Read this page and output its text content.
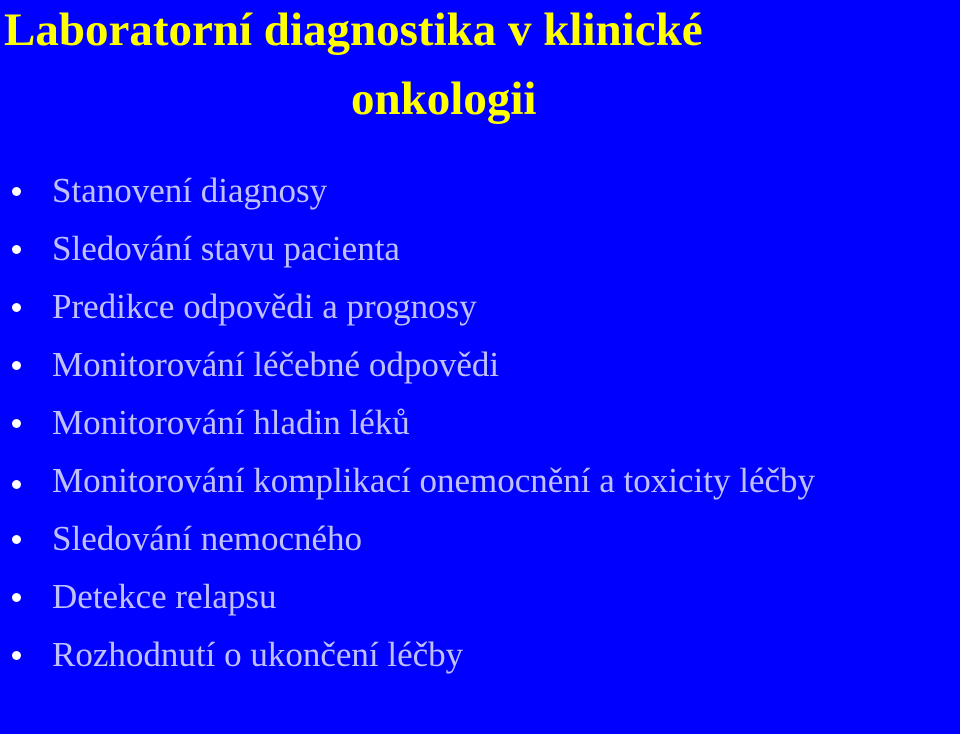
Laboratorní diagnostika v klinické
onkologii
Stanovení diagnosy
Sledování stavu pacienta
Predikce odpovědi a prognosy
Monitorování léčebné odpovědi
Monitorování hladin léků
Monitorování komplikací onemocnění a toxicity léčby
Sledování nemocného
Detekce relapsu
Rozhodnutí o ukončení léčby
